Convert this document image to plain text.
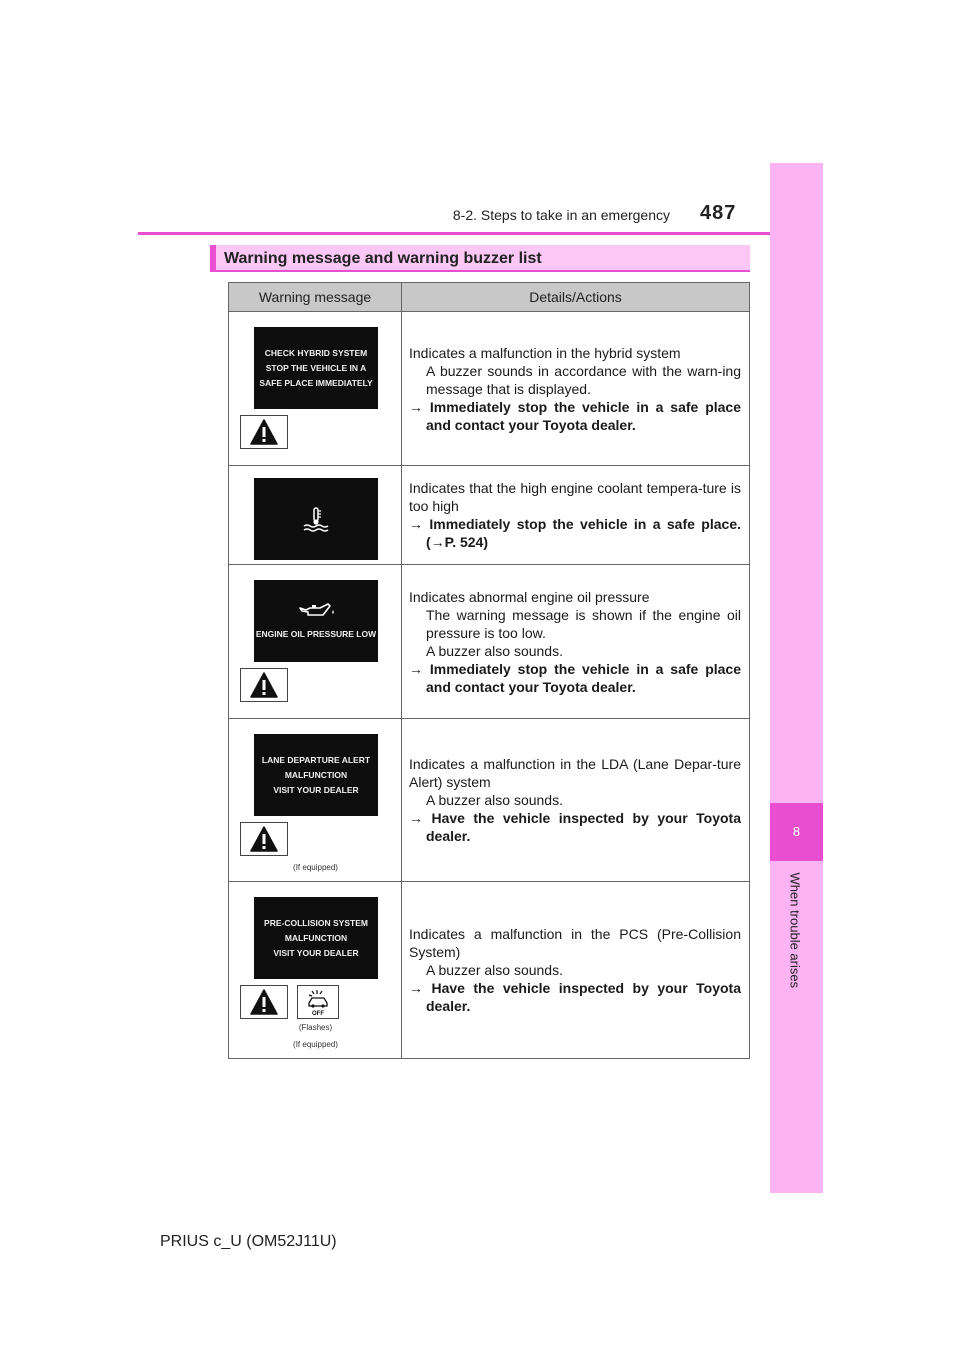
8-2. Steps to take in an emergency 487
8
When trouble arises
Warning message and warning buzzer list
Warning message	Details/Actions
CHECK HYBRID SYSTEM
STOP THE VEHICLE IN A
SAFE PLACE IMMEDIATELY

Indicates a malfunction in the hybrid system

A buzzer sounds in accordance with the warn-ing message that is displayed.

→ Immediately stop the vehicle in a safe place and contact your Toyota dealer.

Indicates that the high engine coolant tempera-ture is too high

→ Immediately stop the vehicle in a safe place. (→P. 524)

ENGINE OIL PRESSURE LOW

Indicates abnormal engine oil pressure

The warning message is shown if the engine oil pressure is too low.

A buzzer also sounds.

→ Immediately stop the vehicle in a safe place and contact your Toyota dealer.

LANE DEPARTURE ALERT
MALFUNCTION
VISIT YOUR DEALER
(If equipped)

Indicates a malfunction in the LDA (Lane Depar-ture Alert) system

A buzzer also sounds.

→ Have the vehicle inspected by your Toyota dealer.

PRE-COLLISION SYSTEM
MALFUNCTION
VISIT YOUR DEALER
OFF
(Flashes)
(If equipped)

Indicates a malfunction in the PCS (Pre-Collision System)

A buzzer also sounds.

→ Have the vehicle inspected by your Toyota dealer.

PRIUS c_U (OM52J11U)
